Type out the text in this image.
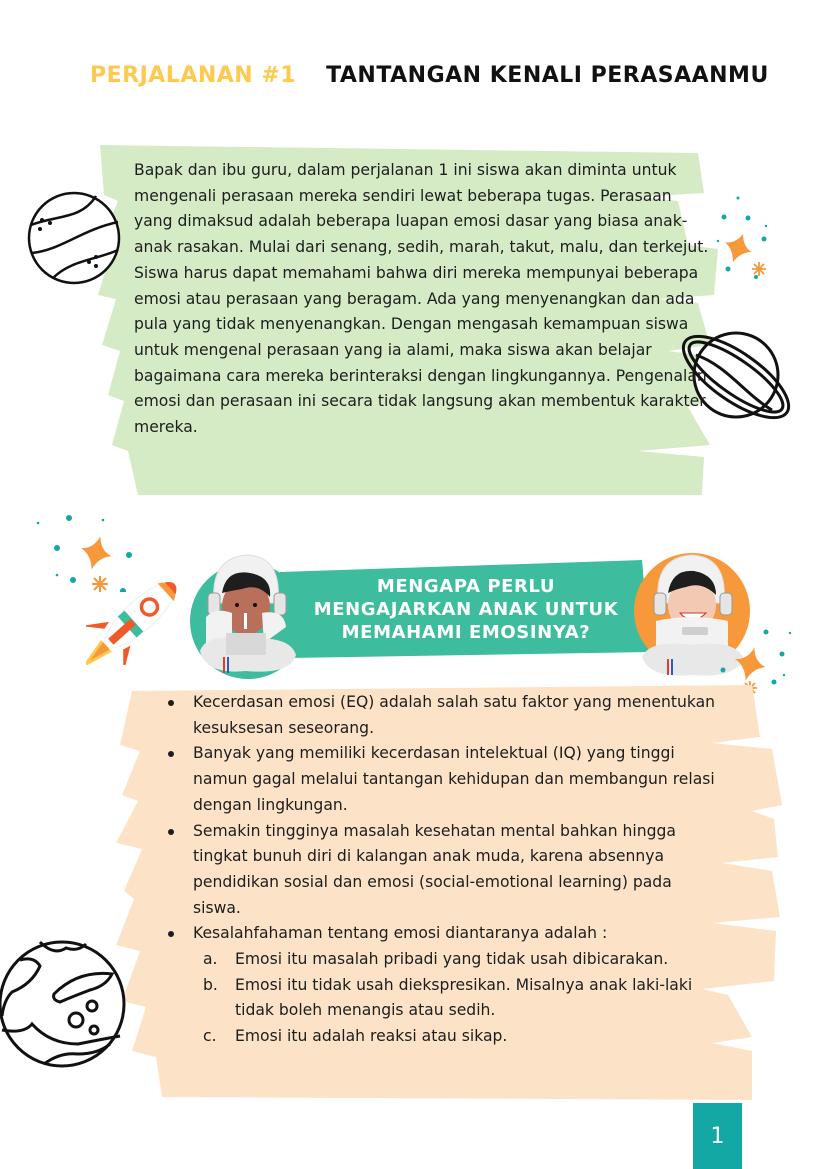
PERJALANAN #1 TANTANGAN KENALI PERASAANMU
Bapak dan ibu guru, dalam perjalanan 1 ini siswa akan diminta untuk mengenali perasaan mereka sendiri lewat beberapa tugas. Perasaan yang dimaksud adalah beberapa luapan emosi dasar yang biasa anak-anak rasakan. Mulai dari senang, sedih, marah, takut, malu, dan terkejut. Siswa harus dapat memahami bahwa diri mereka mempunyai beberapa emosi atau perasaan yang beragam. Ada yang menyenangkan dan ada pula yang tidak menyenangkan. Dengan mengasah kemampuan siswa untuk mengenal perasaan yang ia alami, maka siswa akan belajar bagaimana cara mereka berinteraksi dengan lingkungannya. Pengenalan emosi dan perasaan ini secara tidak langsung akan membentuk karakter mereka.
MENGAPA PERLU
MENGAJARKAN ANAK UNTUK
MEMAHAMI EMOSINYA?
Kecerdasan emosi (EQ) adalah salah satu faktor yang menentukan kesuksesan seseorang.
Banyak yang memiliki kecerdasan intelektual (IQ) yang tinggi namun gagal melalui tantangan kehidupan dan membangun relasi dengan lingkungan.
Semakin tingginya masalah kesehatan mental bahkan hingga tingkat bunuh diri di kalangan anak muda, karena absennya pendidikan sosial dan emosi (social-emotional learning) pada siswa.
Kesalahfahaman tentang emosi diantaranya adalah :
a. Emosi itu masalah pribadi yang tidak usah dibicarakan.
b. Emosi itu tidak usah diekspresikan. Misalnya anak laki-laki tidak boleh menangis atau sedih.
c. Emosi itu adalah reaksi atau sikap.
1
